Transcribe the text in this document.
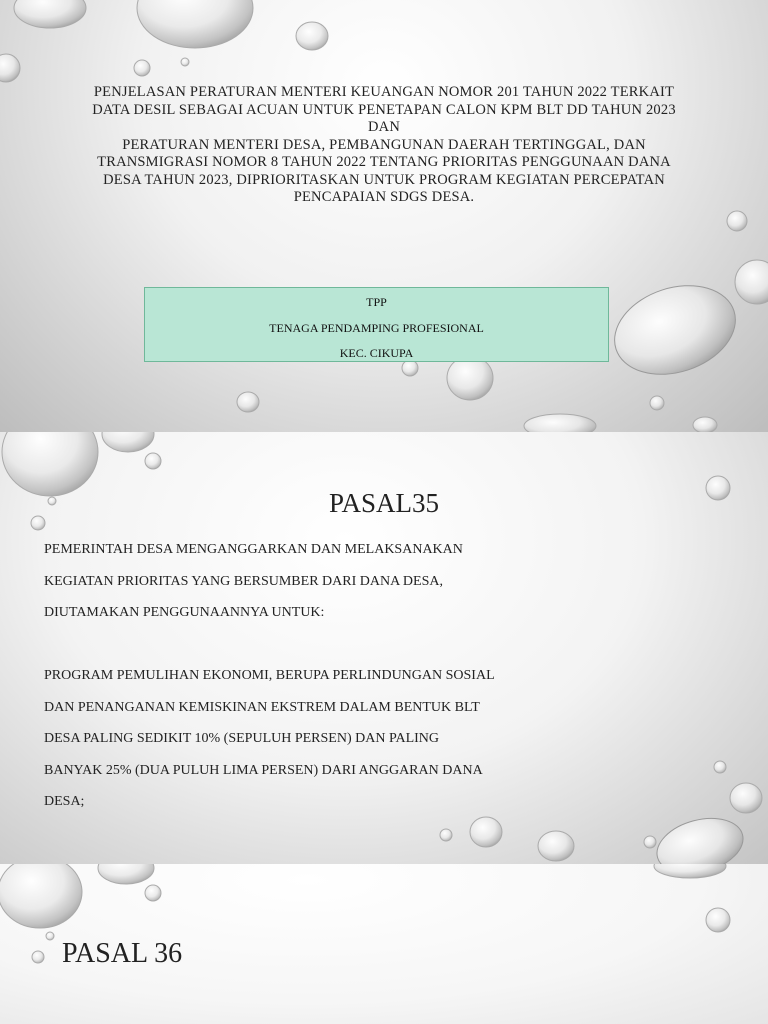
PENJELASAN PERATURAN MENTERI KEUANGAN NOMOR 201 TAHUN 2022 TERKAIT
DATA DESIL SEBAGAI ACUAN UNTUK PENETAPAN CALON KPM BLT DD TAHUN 2023
DAN
PERATURAN MENTERI DESA, PEMBANGUNAN DAERAH TERTINGGAL, DAN
TRANSMIGRASI NOMOR 8 TAHUN 2022 TENTANG PRIORITAS PENGGUNAAN DANA
DESA TAHUN 2023, DIPRIORITASKAN UNTUK PROGRAM KEGIATAN PERCEPATAN
PENCAPAIAN SDGS DESA.
TPP
TENAGA PENDAMPING PROFESIONAL
KEC. CIKUPA
PASAL35
PEMERINTAH DESA MENGANGGARKAN DAN MELAKSANAKAN
KEGIATAN PRIORITAS YANG BERSUMBER DARI DANA DESA,
DIUTAMAKAN PENGGUNAANNYA UNTUK:
PROGRAM PEMULIHAN EKONOMI, BERUPA PERLINDUNGAN SOSIAL
DAN PENANGANAN KEMISKINAN EKSTREM DALAM BENTUK BLT
DESA PALING SEDIKIT 10% (SEPULUH PERSEN) DAN PALING
BANYAK 25% (DUA PULUH LIMA PERSEN) DARI ANGGARAN DANA
DESA;
PASAL 36
